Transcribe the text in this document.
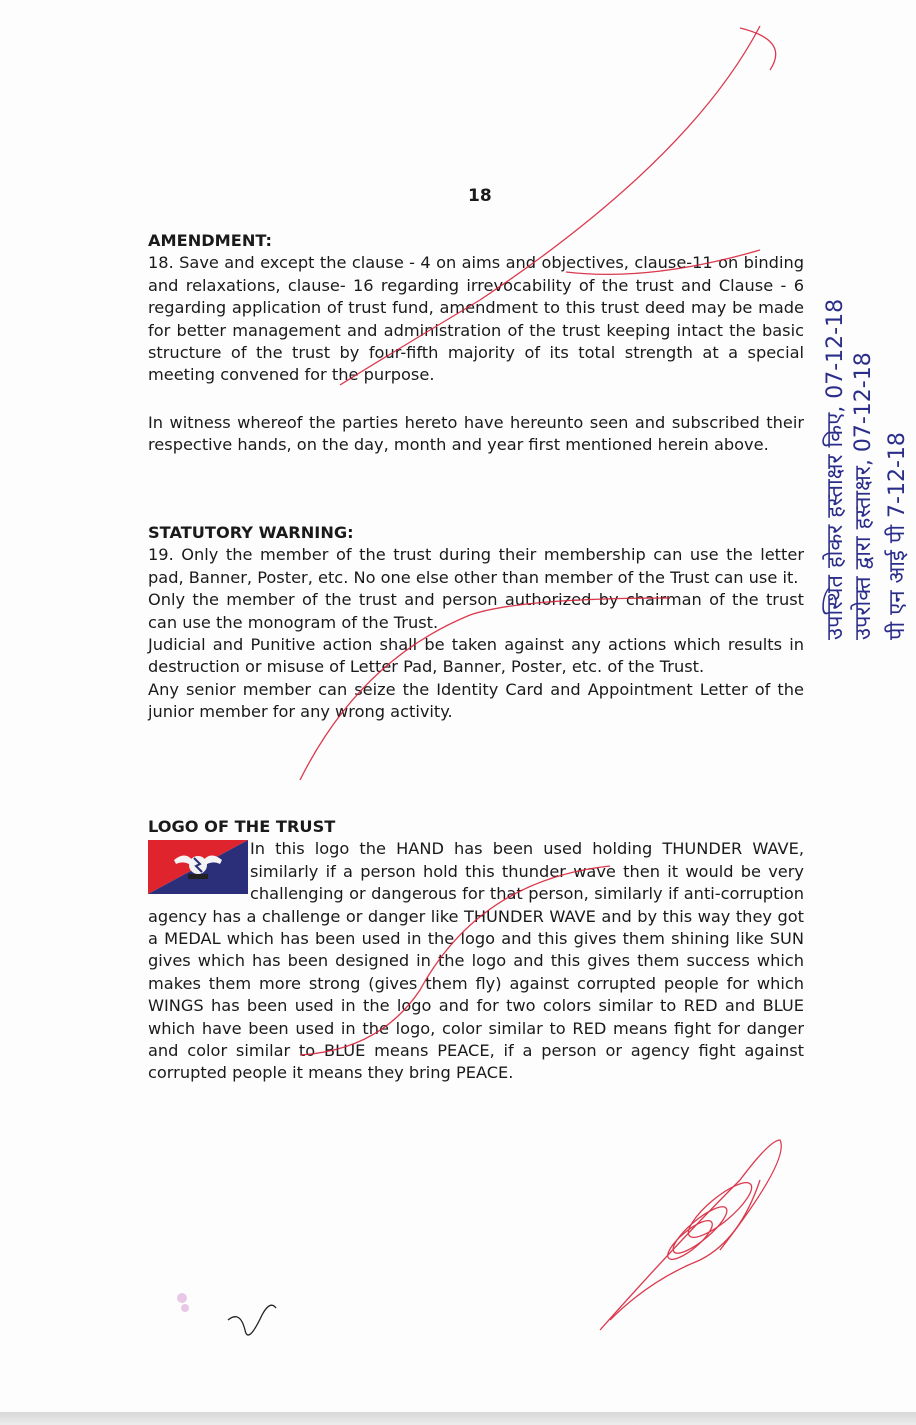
18
AMENDMENT:

18. Save and except the clause - 4 on aims and objectives, clause-11 on binding and relaxations, clause- 16 regarding irrevocability of the trust and Clause - 6 regarding application of trust fund, amendment to this trust deed may be made for better management and administration of the trust keeping intact the basic structure of the trust by four-fifth majority of its total strength at a special meeting convened for the purpose.

In witness whereof the parties hereto have hereunto seen and subscribed their respective hands, on the day, month and year first mentioned herein above.

STATUTORY WARNING:

19. Only the member of the trust during their membership can use the letter pad, Banner, Poster, etc. No one else other than member of the Trust can use it.

Only the member of the trust and person authorized by chairman of the trust can use the monogram of the Trust.

Judicial and Punitive action shall be taken against any actions which results in destruction or misuse of Letter Pad, Banner, Poster, etc. of the Trust.

Any senior member can seize the Identity Card and Appointment Letter of the junior member for any wrong activity.

LOGO OF THE TRUST

In this logo the HAND has been used holding THUNDER WAVE, similarly if a person hold this thunder wave then it would be very challenging or dangerous for that person, similarly if anti-corruption agency has a challenge or danger like THUNDER WAVE and by this way they got a MEDAL which has been used in the logo and this gives them shining like SUN gives which has been designed in the logo and this gives them success which makes them more strong (gives them fly) against corrupted people for which WINGS has been used in the logo and for two colors similar to RED and BLUE which have been used in the logo, color similar to RED means fight for danger and color similar to BLUE means PEACE, if a person or agency fight against corrupted people it means they bring PEACE.

उपस्थित होकर हस्ताक्षर किए, 07-12-18 उपरोक्त द्वारा हस्ताक्षर, 07-12-18 पी एन आई पी 7-12-18
